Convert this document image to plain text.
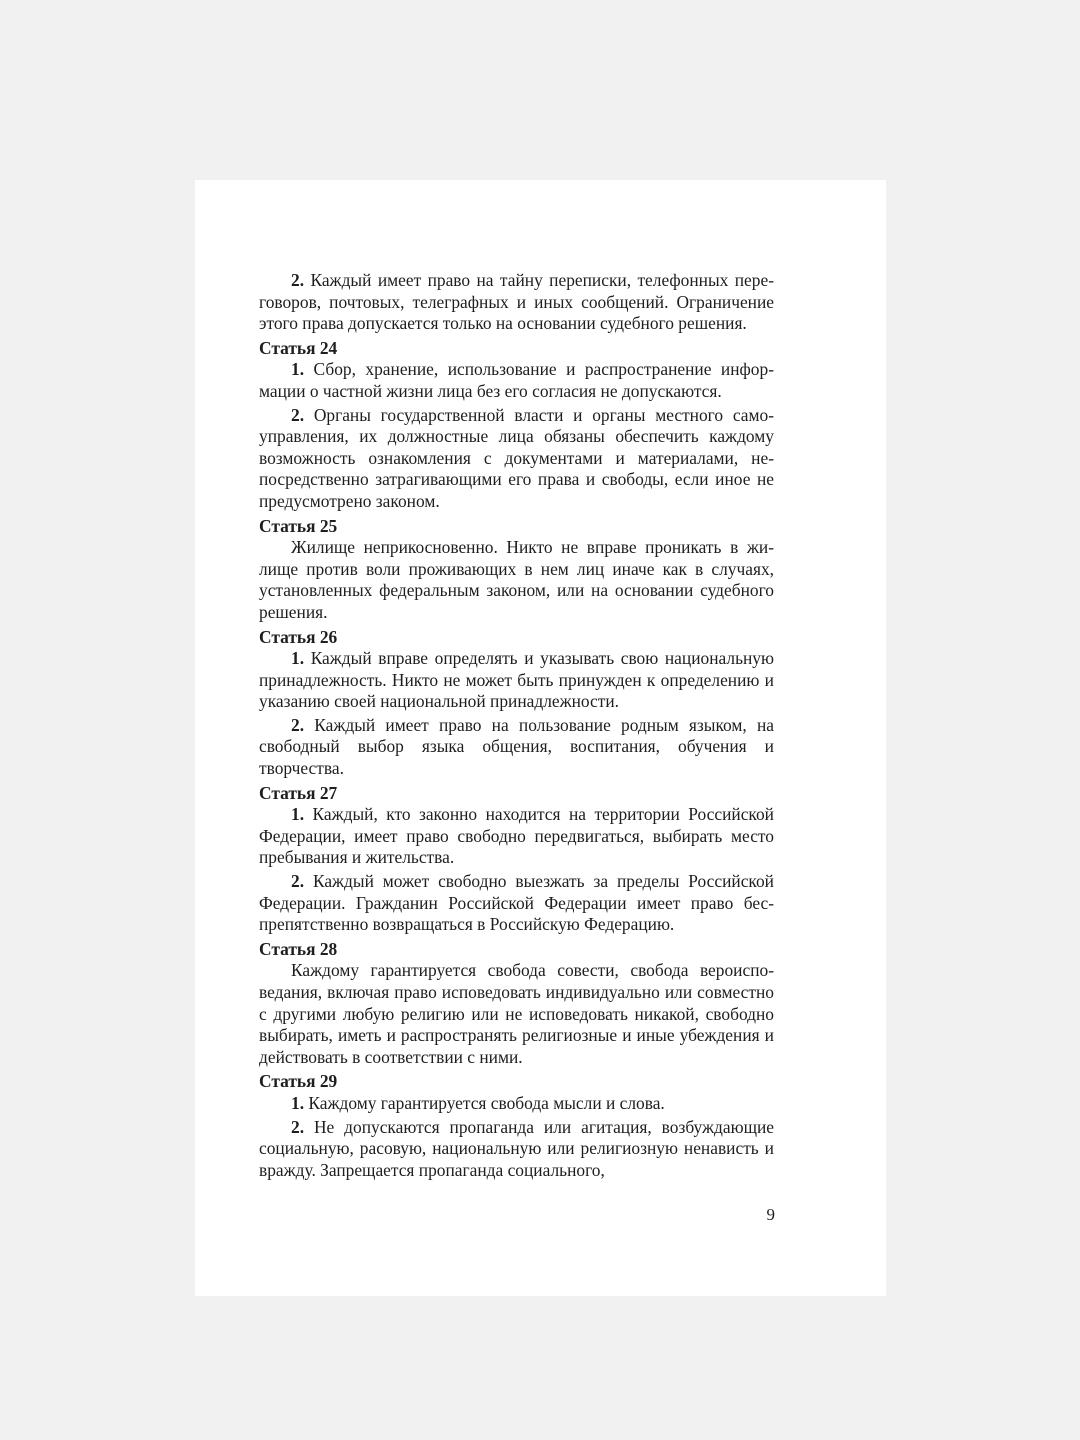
2. Каждый имеет право на тайну переписки, телефонных переговоров, почтовых, телеграфных и иных сообщений. Ограничение этого права допускается только на основании судебного решения.

Статья 24

1. Сбор, хранение, использование и распространение информации о частной жизни лица без его согласия не допускаются.

2. Органы государственной власти и органы местного самоуправления, их должностные лица обязаны обеспечить каждому возможность ознакомления с документами и материалами, непосредственно затрагивающими его права и свободы, если иное не предусмотрено законом.

Статья 25

Жилище неприкосновенно. Никто не вправе проникать в жилище против воли проживающих в нем лиц иначе как в случаях, установленных федеральным законом, или на основании судебного решения.

Статья 26

1. Каждый вправе определять и указывать свою национальную принадлежность. Никто не может быть принужден к определению и указанию своей национальной принадлежности.

2. Каждый имеет право на пользование родным языком, на свободный выбор языка общения, воспитания, обучения и творчества.

Статья 27

1. Каждый, кто законно находится на территории Российской Федерации, имеет право свободно передвигаться, выбирать место пребывания и жительства.

2. Каждый может свободно выезжать за пределы Российской Федерации. Гражданин Российской Федерации имеет право беспрепятственно возвращаться в Российскую Федерацию.

Статья 28

Каждому гарантируется свобода совести, свобода вероисповедания, включая право исповедовать индивидуально или совместно с другими любую религию или не исповедовать никакой, свободно выбирать, иметь и распространять религиозные и иные убеждения и действовать в соответствии с ними.

Статья 29

1. Каждому гарантируется свобода мысли и слова.

2. Не допускаются пропаганда или агитация, возбуждающие социальную, расовую, национальную или религиозную ненависть и вражду. Запрещается пропаганда социального,

9
